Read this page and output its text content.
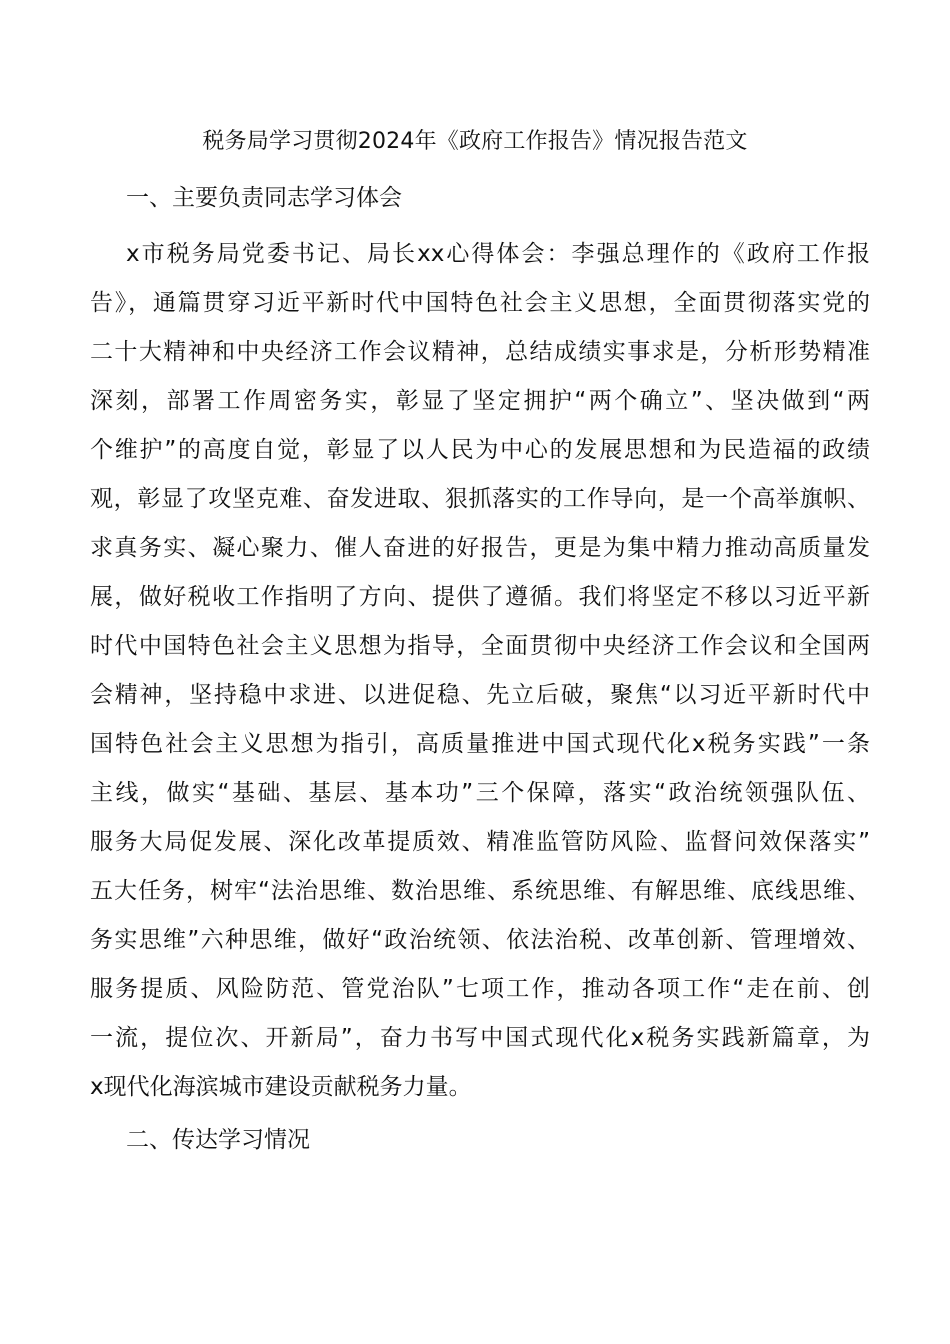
税务局学习贯彻2024年《政府工作报告》情况报告范文
一、主要负责同志学习体会
x市税务局党委书记、局长xx心得体会：李强总理作的《政府工作报
告》，通篇贯穿习近平新时代中国特色社会主义思想，全面贯彻落实党的
二十大精神和中央经济工作会议精神，总结成绩实事求是，分析形势精准
深刻，部署工作周密务实，彰显了坚定拥护“两个确立”、坚决做到“两
个维护”的高度自觉，彰显了以人民为中心的发展思想和为民造福的政绩
观，彰显了攻坚克难、奋发进取、狠抓落实的工作导向，是一个高举旗帜、
求真务实、凝心聚力、催人奋进的好报告，更是为集中精力推动高质量发
展，做好税收工作指明了方向、提供了遵循。我们将坚定不移以习近平新
时代中国特色社会主义思想为指导，全面贯彻中央经济工作会议和全国两
会精神，坚持稳中求进、以进促稳、先立后破，聚焦“以习近平新时代中
国特色社会主义思想为指引，高质量推进中国式现代化x税务实践”一条
主线，做实“基础、基层、基本功”三个保障，落实“政治统领强队伍、
服务大局促发展、深化改革提质效、精准监管防风险、监督问效保落实”
五大任务，树牢“法治思维、数治思维、系统思维、有解思维、底线思维、
务实思维”六种思维，做好“政治统领、依法治税、改革创新、管理增效、
服务提质、风险防范、管党治队”七项工作，推动各项工作“走在前、创
一流，提位次、开新局”，奋力书写中国式现代化x税务实践新篇章，为
x现代化海滨城市建设贡献税务力量。
二、传达学习情况
